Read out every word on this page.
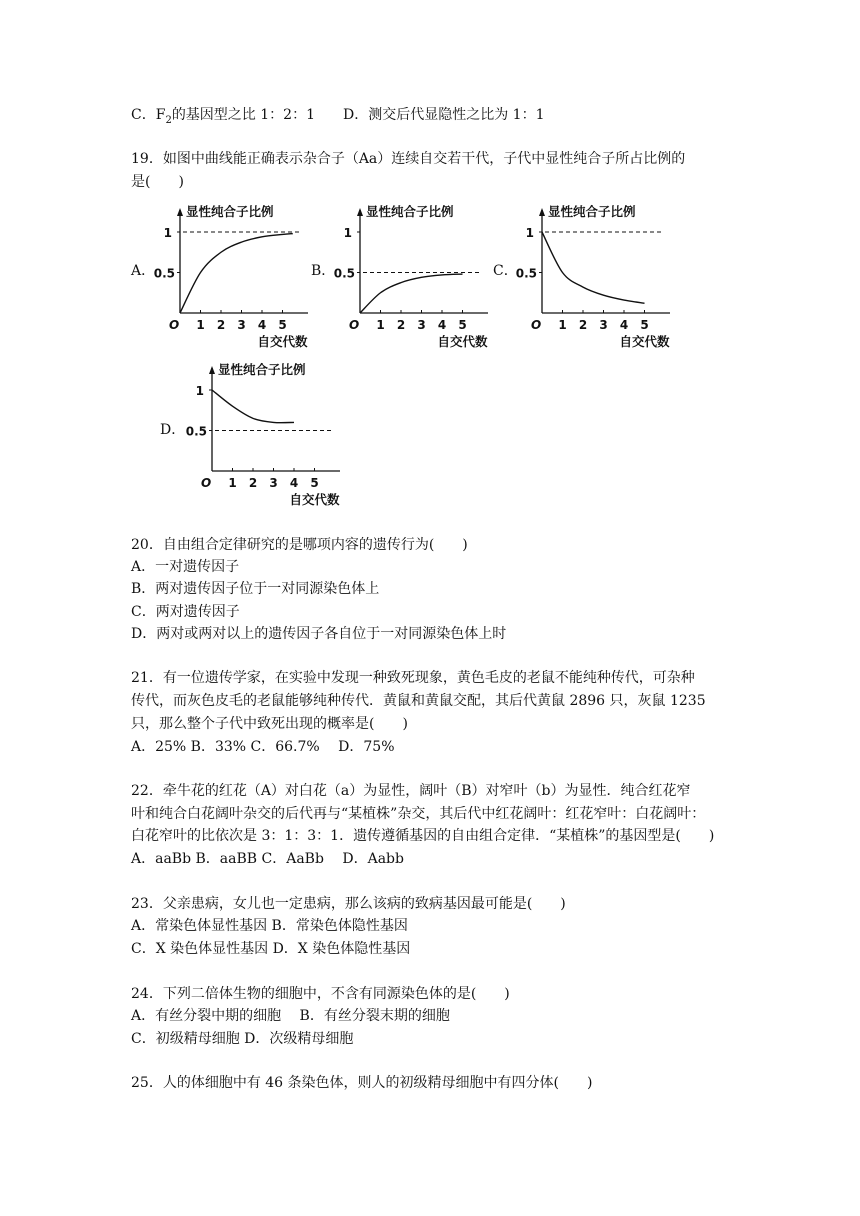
C．$F_2$的基因型之比 1：2：1 D．测交后代显隐性之比为 1：1
19．如图中曲线能正确表示杂合子（Aa）连续自交若干代，子代中显性纯合子所占比例的
是(　　)
A．	B．	C．
D．
显性纯合子比例
1
0.5
O 1 2 3 4 5
自交代数
显性纯合子比例
1
0.5
O 1 2 3 4 5
自交代数
显性纯合子比例
1
0.5
O 1 2 3 4 5
自交代数
显性纯合子比例
1
0.5
O 1 2 3 4 5
自交代数
20．自由组合定律研究的是哪项内容的遗传行为(　　)
A．一对遗传因子
B．两对遗传因子位于一对同源染色体上
C．两对遗传因子
D．两对或两对以上的遗传因子各自位于一对同源染色体上时
21．有一位遗传学家，在实验中发现一种致死现象，黄色毛皮的老鼠不能纯种传代，可杂种
传代，而灰色皮毛的老鼠能够纯种传代．黄鼠和黄鼠交配，其后代黄鼠 2896 只，灰鼠 1235
只，那么整个子代中致死出现的概率是(　　)
A．25% B．33% C．66.7%　 D．75%
22．牵牛花的红花（A）对白花（a）为显性，阔叶（B）对窄叶（b）为显性．纯合红花窄
叶和纯合白花阔叶杂交的后代再与“某植株”杂交，其后代中红花阔叶：红花窄叶：白花阔叶：
白花窄叶的比依次是 3：1：3：1．遗传遵循基因的自由组合定律．“某植株”的基因型是(　　)
A．aaBb B．aaBB C．AaBb　 D．Aabb
23．父亲患病，女儿也一定患病，那么该病的致病基因最可能是(　　)
A．常染色体显性基因 B．常染色体隐性基因
C．X 染色体显性基因 D．X 染色体隐性基因
24．下列二倍体生物的细胞中，不含有同源染色体的是(　　)
A．有丝分裂中期的细胞　 B．有丝分裂末期的细胞
C．初级精母细胞 D．次级精母细胞
25．人的体细胞中有 46 条染色体，则人的初级精母细胞中有四分体(　　)
